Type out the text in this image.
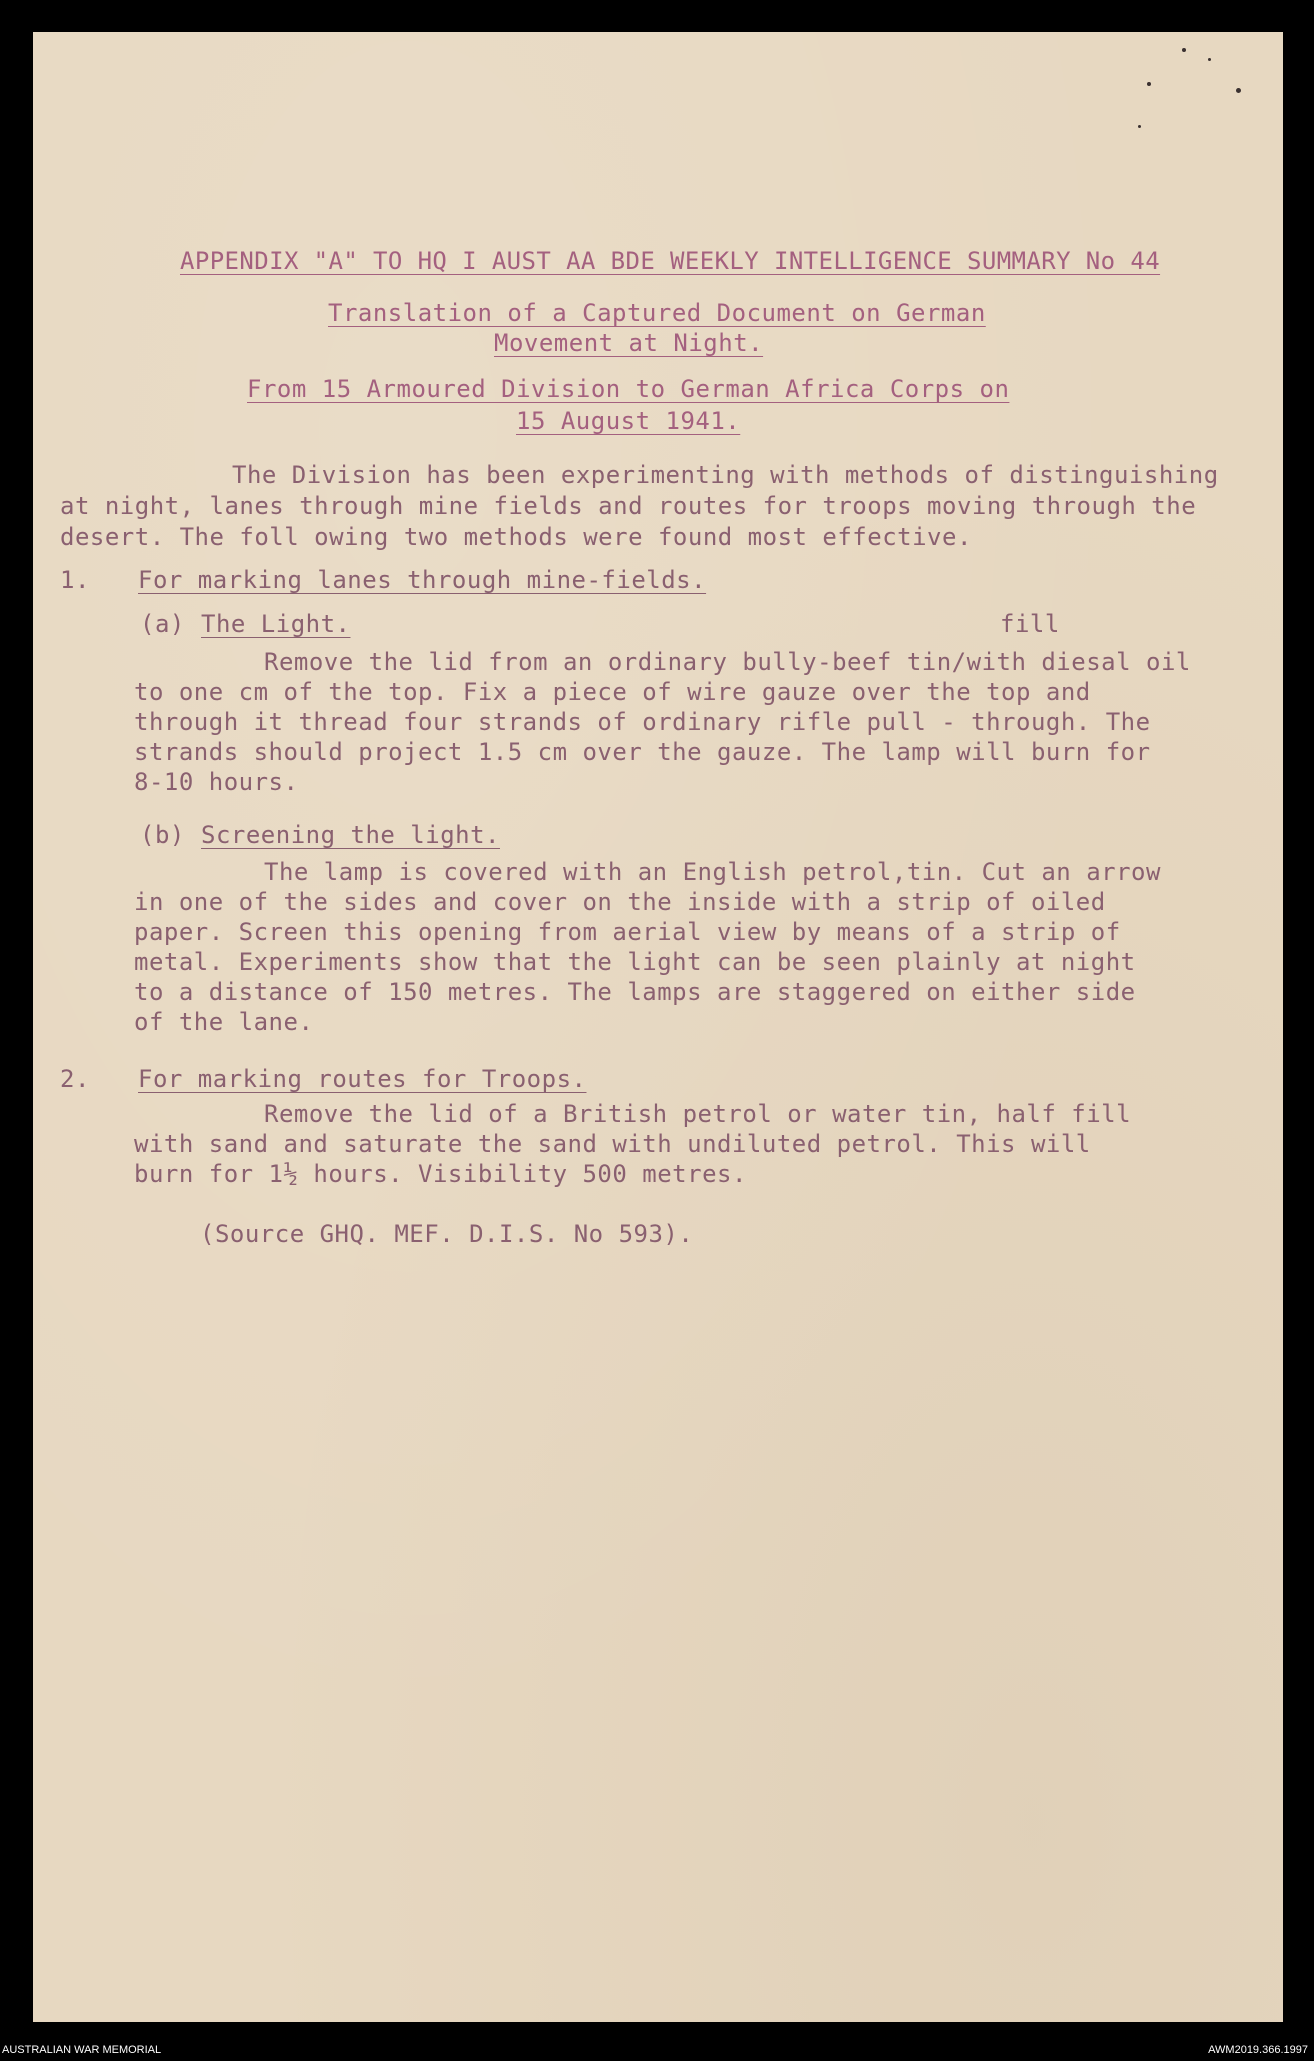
APPENDIX "A" TO HQ I AUST AA BDE WEEKLY INTELLIGENCE SUMMARY No 44
Translation of a Captured Document on German
Movement at Night.
From 15 Armoured Division to German Africa Corps on
15 August 1941.
The Division has been experimenting with methods of distinguishing
at night, lanes through mine fields and routes for troops moving through the
desert. The foll owing two methods were found most effective.
1. For marking lanes through mine-fields.
(a) The Light.	fill
Remove the lid from an ordinary bully-beef tin/with diesal oil
to one cm of the top. Fix a piece of wire gauze over the top and
through it thread four strands of ordinary rifle pull - through. The
strands should project 1.5 cm over the gauze. The lamp will burn for
8-10 hours.
(b) Screening the light.
The lamp is covered with an English petrol,tin. Cut an arrow
in one of the sides and cover on the inside with a strip of oiled
paper. Screen this opening from aerial view by means of a strip of
metal. Experiments show that the light can be seen plainly at night
to a distance of 150 metres. The lamps are staggered on either side
of the lane.
2. For marking routes for Troops.
Remove the lid of a British petrol or water tin, half fill
with sand and saturate the sand with undiluted petrol. This will
burn for 1½ hours. Visibility 500 metres.
(Source GHQ. MEF. D.I.S. No 593).
AUSTRALIAN WAR MEMORIAL	AWM2019.366.1997
